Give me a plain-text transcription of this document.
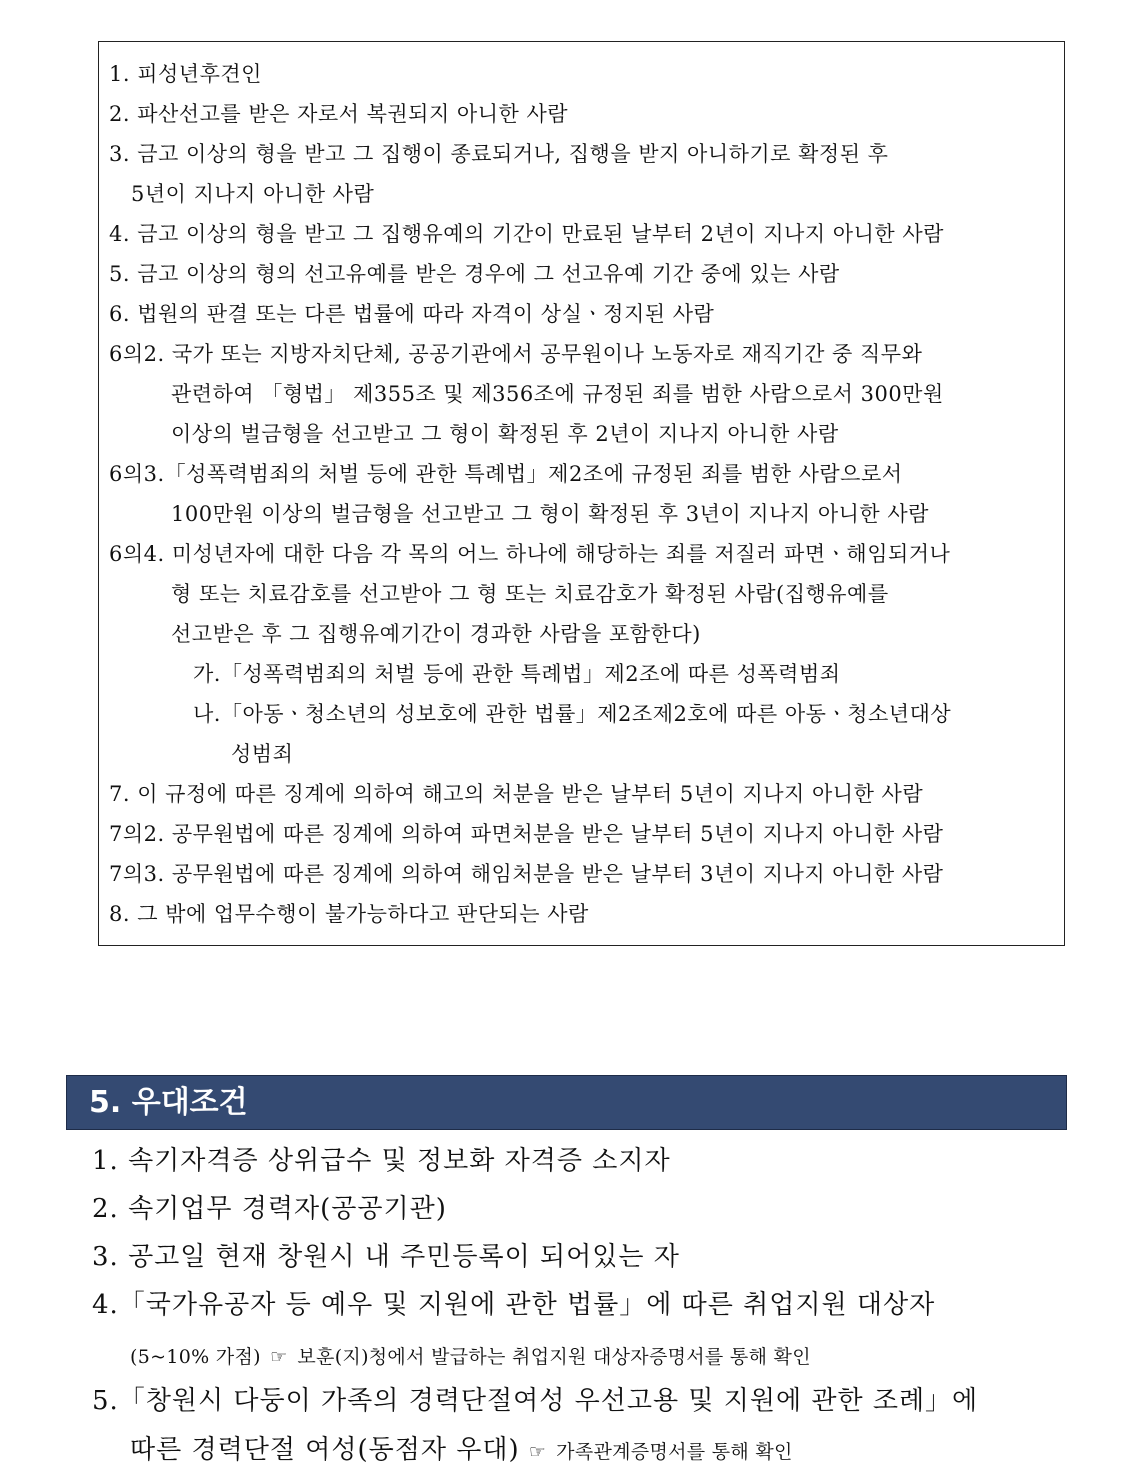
1. 피성년후견인
2. 파산선고를 받은 자로서 복권되지 아니한 사람
3. 금고 이상의 형을 받고 그 집행이 종료되거나, 집행을 받지 아니하기로 확정된 후
5년이 지나지 아니한 사람
4. 금고 이상의 형을 받고 그 집행유예의 기간이 만료된 날부터 2년이 지나지 아니한 사람
5. 금고 이상의 형의 선고유예를 받은 경우에 그 선고유예 기간 중에 있는 사람
6. 법원의 판결 또는 다른 법률에 따라 자격이 상실ㆍ정지된 사람
6의2. 국가 또는 지방자치단체, 공공기관에서 공무원이나 노동자로 재직기간 중 직무와
관련하여 「형법」 제355조 및 제356조에 규정된 죄를 범한 사람으로서 300만원
이상의 벌금형을 선고받고 그 형이 확정된 후 2년이 지나지 아니한 사람
6의3.「성폭력범죄의 처벌 등에 관한 특례법」제2조에 규정된 죄를 범한 사람으로서
100만원 이상의 벌금형을 선고받고 그 형이 확정된 후 3년이 지나지 아니한 사람
6의4. 미성년자에 대한 다음 각 목의 어느 하나에 해당하는 죄를 저질러 파면ㆍ해임되거나
형 또는 치료감호를 선고받아 그 형 또는 치료감호가 확정된 사람(집행유예를
선고받은 후 그 집행유예기간이 경과한 사람을 포함한다)
가.「성폭력범죄의 처벌 등에 관한 특례법」제2조에 따른 성폭력범죄
나.「아동ㆍ청소년의 성보호에 관한 법률」제2조제2호에 따른 아동ㆍ청소년대상
성범죄
7. 이 규정에 따른 징계에 의하여 해고의 처분을 받은 날부터 5년이 지나지 아니한 사람
7의2. 공무원법에 따른 징계에 의하여 파면처분을 받은 날부터 5년이 지나지 아니한 사람
7의3. 공무원법에 따른 징계에 의하여 해임처분을 받은 날부터 3년이 지나지 아니한 사람
8. 그 밖에 업무수행이 불가능하다고 판단되는 사람
5. 우대조건
1. 속기자격증 상위급수 및 정보화 자격증 소지자
2. 속기업무 경력자(공공기관)
3. 공고일 현재 창원시 내 주민등록이 되어있는 자
4.「국가유공자 등 예우 및 지원에 관한 법률」에 따른 취업지원 대상자
(5~10% 가점) ☞ 보훈(지)청에서 발급하는 취업지원 대상자증명서를 통해 확인
5.「창원시 다둥이 가족의 경력단절여성 우선고용 및 지원에 관한 조례」에
따른 경력단절 여성(동점자 우대) ☞ 가족관계증명서를 통해 확인
